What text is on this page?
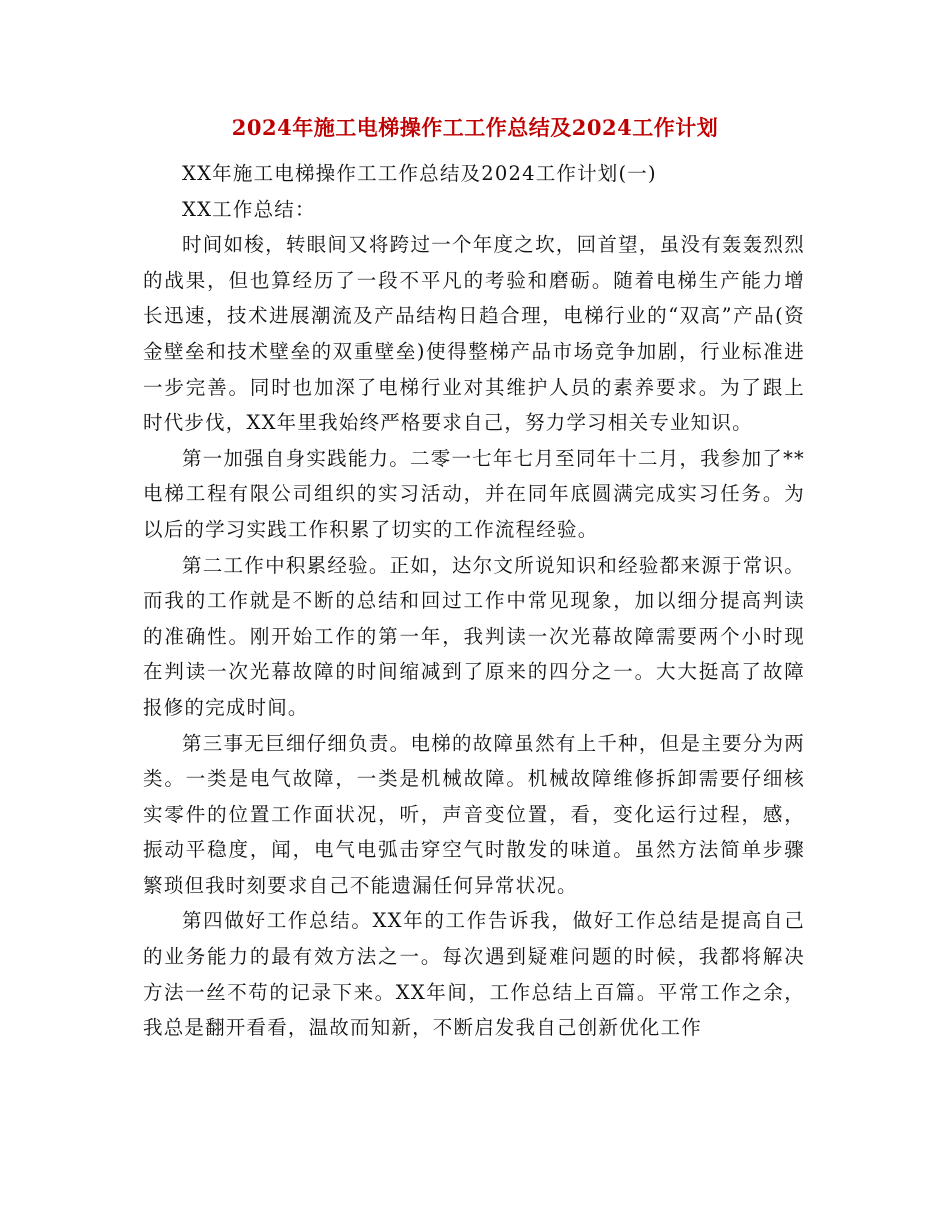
2024年施工电梯操作工工作总结及2024工作计划

XX年施工电梯操作工工作总结及2024工作计划(一)

XX工作总结：

时间如梭，转眼间又将跨过一个年度之坎，回首望，虽没有轰轰烈烈的战果，但也算经历了一段不平凡的考验和磨砺。随着电梯生产能力增长迅速，技术进展潮流及产品结构日趋合理，电梯行业的“双高”产品(资金壁垒和技术壁垒的双重壁垒)使得整梯产品市场竞争加剧，行业标准进一步完善。同时也加深了电梯行业对其维护人员的素养要求。为了跟上时代步伐，XX年里我始终严格要求自己，努力学习相关专业知识。

第一加强自身实践能力。二零一七年七月至同年十二月，我参加了**电梯工程有限公司组织的实习活动，并在同年底圆满完成实习任务。为以后的学习实践工作积累了切实的工作流程经验。

第二工作中积累经验。正如，达尔文所说知识和经验都来源于常识。而我的工作就是不断的总结和回过工作中常见现象，加以细分提高判读的准确性。刚开始工作的第一年，我判读一次光幕故障需要两个小时现在判读一次光幕故障的时间缩减到了原来的四分之一。大大挺高了故障报修的完成时间。

第三事无巨细仔细负责。电梯的故障虽然有上千种，但是主要分为两类。一类是电气故障，一类是机械故障。机械故障维修拆卸需要仔细核实零件的位置工作面状况，听，声音变位置，看，变化运行过程，感，振动平稳度，闻，电气电弧击穿空气时散发的味道。虽然方法简单步骤繁琐但我时刻要求自己不能遗漏任何异常状况。

第四做好工作总结。XX年的工作告诉我，做好工作总结是提高自己的业务能力的最有效方法之一。每次遇到疑难问题的时候，我都将解决方法一丝不苟的记录下来。XX年间，工作总结上百篇。平常工作之余，我总是翻开看看，温故而知新，不断启发我自己创新优化工作
